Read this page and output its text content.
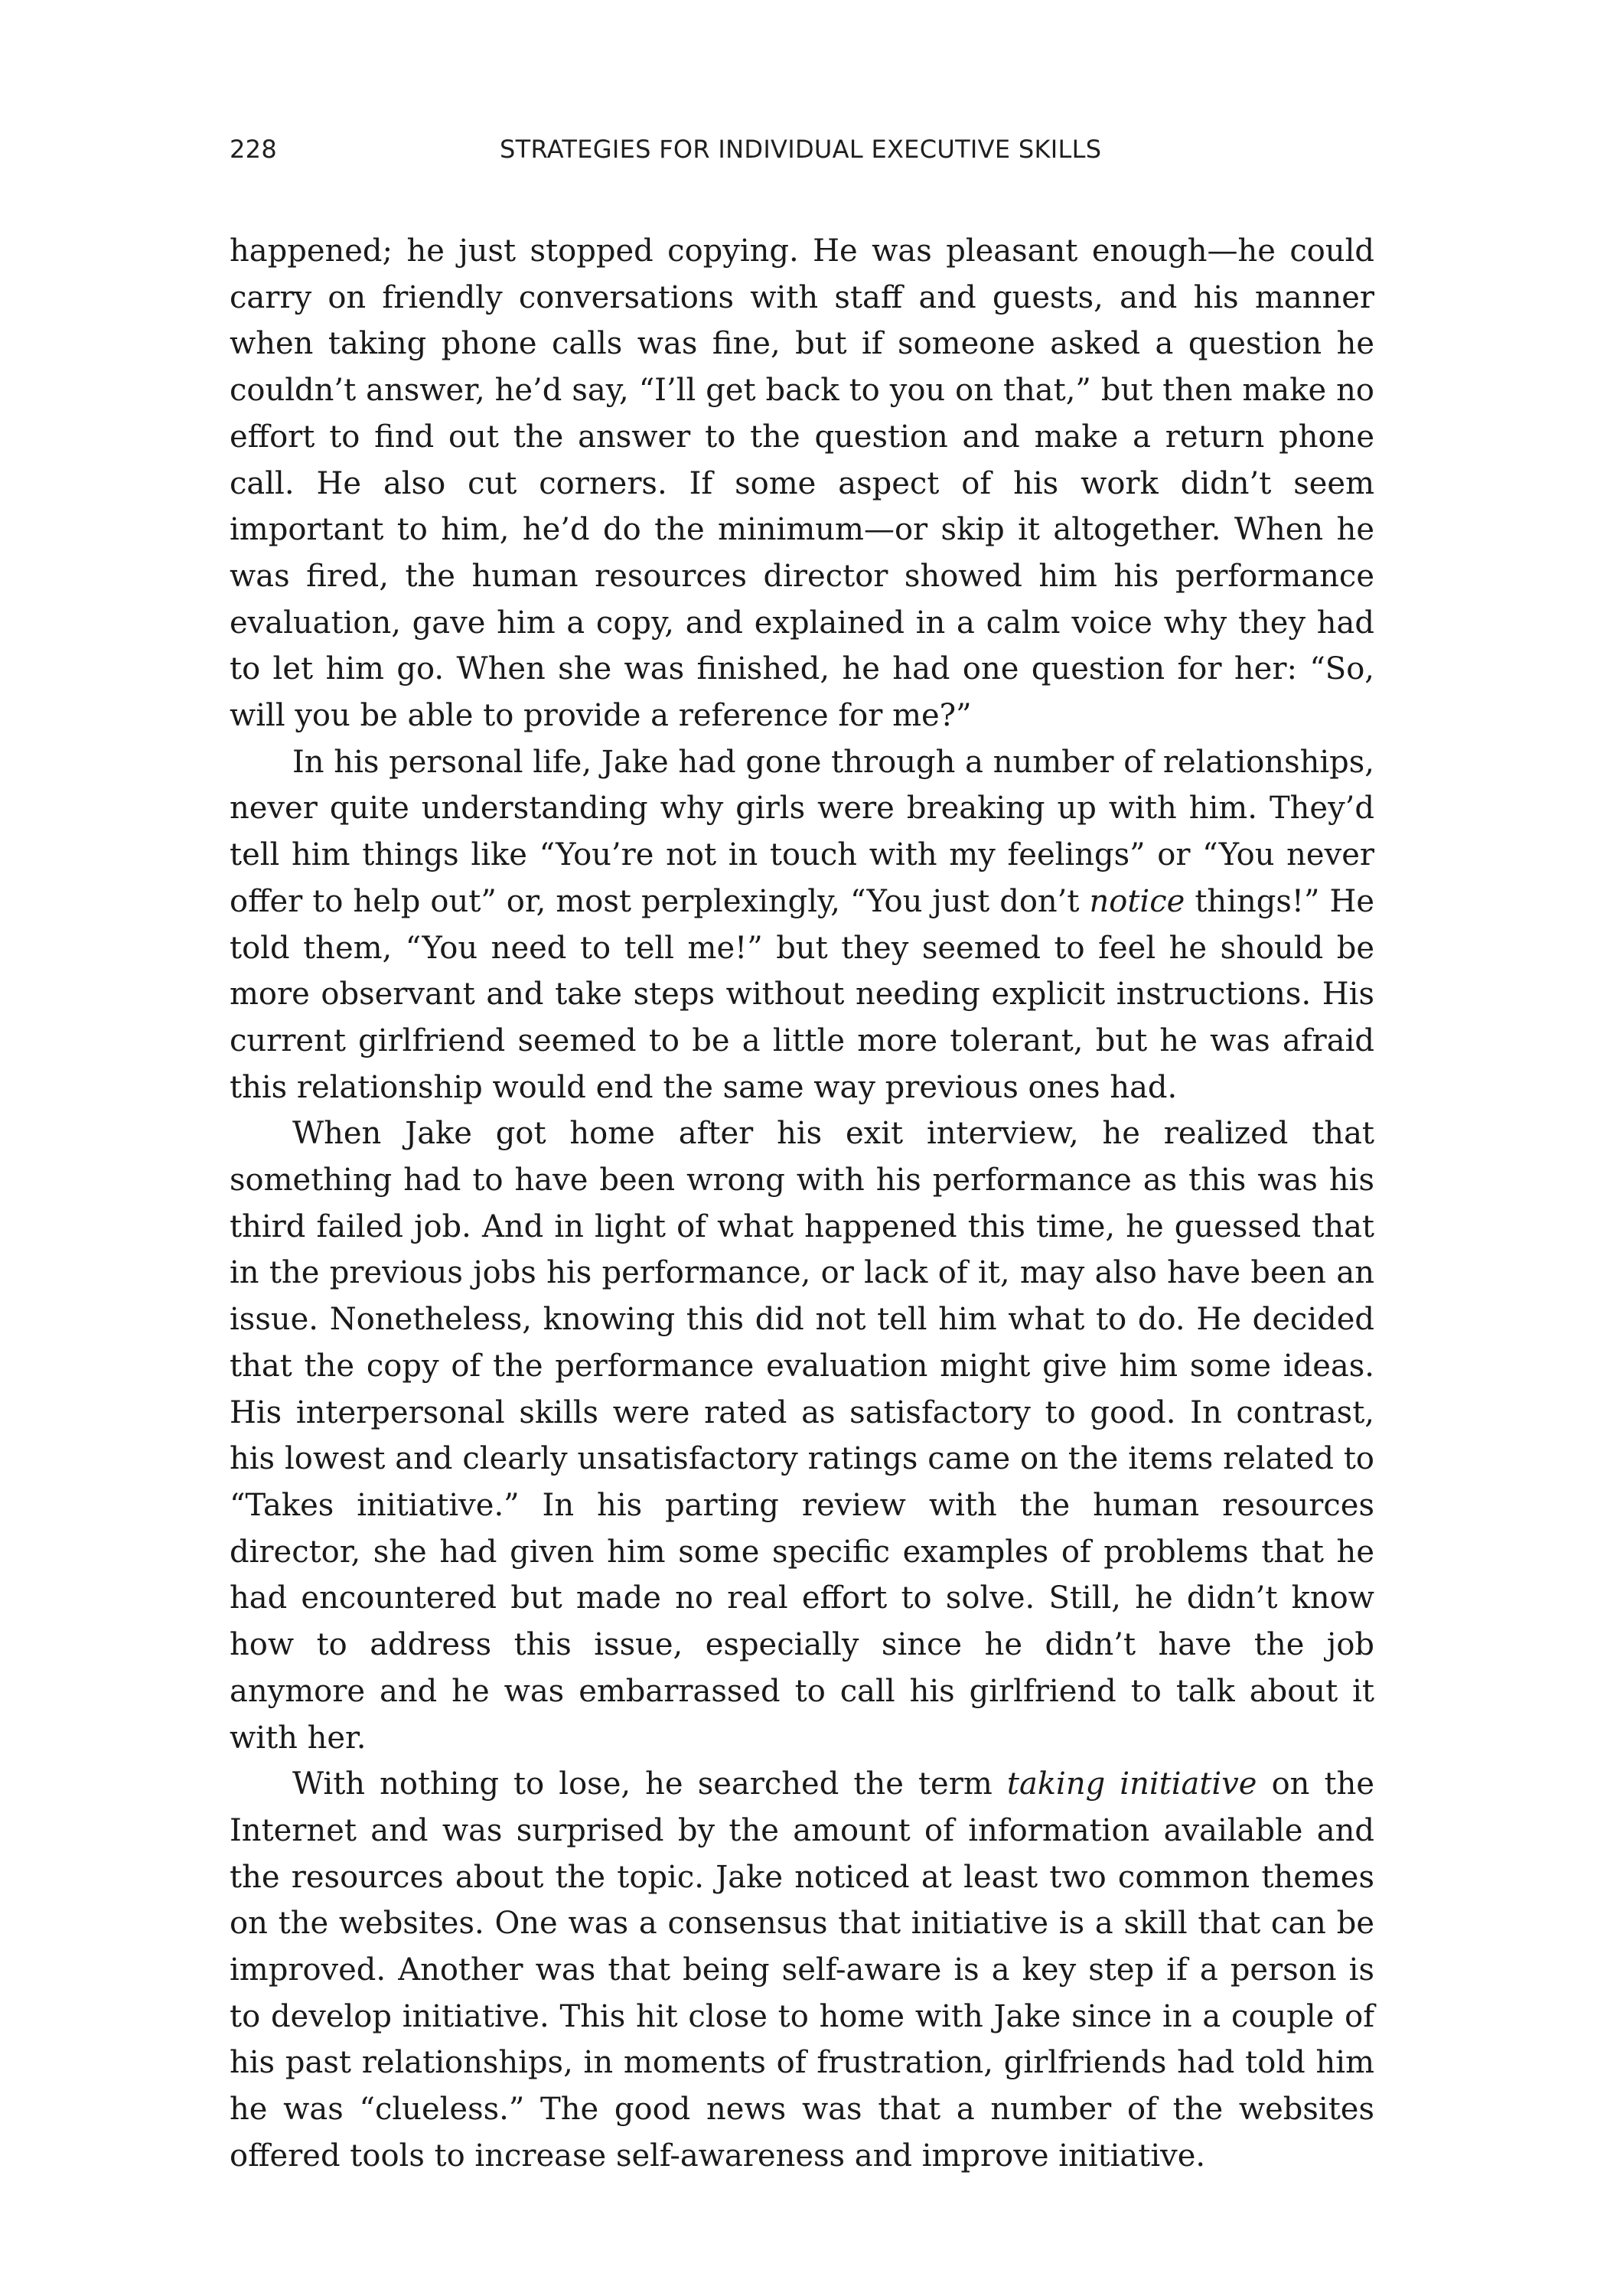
228	STRATEGIES FOR INDIVIDUAL EXECUTIVE SKILLS

happened; he just stopped copying. He was pleasant enough—he could carry on friendly conversations with staff and guests, and his manner when taking phone calls was fine, but if someone asked a question he couldn’t answer, he’d say, “I’ll get back to you on that,” but then make no effort to find out the answer to the question and make a return phone call. He also cut corners. If some aspect of his work didn’t seem important to him, he’d do the minimum—or skip it altogether. When he was fired, the human resources director showed him his performance evaluation, gave him a copy, and explained in a calm voice why they had to let him go. When she was finished, he had one question for her: “So, will you be able to provide a reference for me?”

In his personal life, Jake had gone through a number of relationships, never quite understanding why girls were breaking up with him. They’d tell him things like “You’re not in touch with my feelings” or “You never offer to help out” or, most perplexingly, “You just don’t notice things!” He told them, “You need to tell me!” but they seemed to feel he should be more observant and take steps without needing explicit instructions. His current girlfriend seemed to be a little more tolerant, but he was afraid this relationship would end the same way previous ones had.

When Jake got home after his exit interview, he realized that something had to have been wrong with his performance as this was his third failed job. And in light of what happened this time, he guessed that in the previous jobs his performance, or lack of it, may also have been an issue. Nonetheless, knowing this did not tell him what to do. He decided that the copy of the performance evaluation might give him some ideas. His interpersonal skills were rated as satisfactory to good. In contrast, his lowest and clearly unsatisfactory ratings came on the items related to “Takes initiative.” In his parting review with the human resources director, she had given him some specific examples of problems that he had encountered but made no real effort to solve. Still, he didn’t know how to address this issue, especially since he didn’t have the job anymore and he was embarrassed to call his girlfriend to talk about it with her.

With nothing to lose, he searched the term taking initiative on the Internet and was surprised by the amount of information available and the resources about the topic. Jake noticed at least two common themes on the websites. One was a consensus that initiative is a skill that can be improved. Another was that being self-aware is a key step if a person is to develop initiative. This hit close to home with Jake since in a couple of his past relationships, in moments of frustration, girlfriends had told him he was “clueless.” The good news was that a number of the websites offered tools to increase self-awareness and improve initiative.
